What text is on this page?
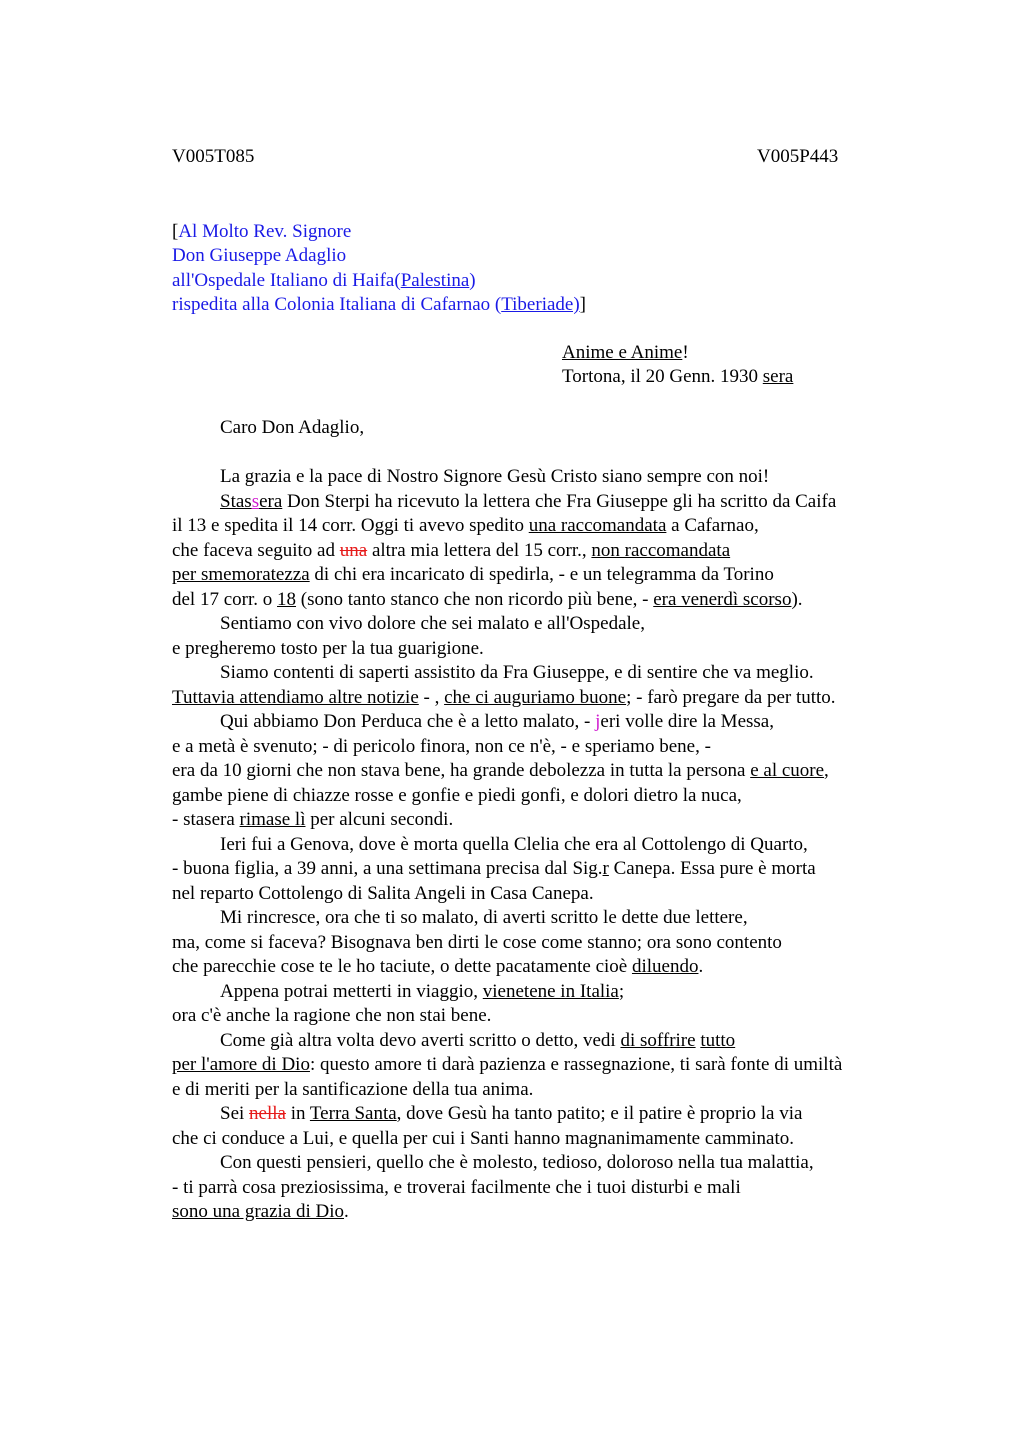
V005T085	V005P443
[Al Molto Rev. Signore
Don Giuseppe Adaglio
all'Ospedale Italiano di Haifa(Palestina)
rispedita alla Colonia Italiana di Cafarnao (Tiberiade)]
Anime e Anime!
Tortona, il 20 Genn. 1930 sera
Caro Don Adaglio,
La grazia e la pace di Nostro Signore Gesù Cristo siano sempre con noi!
Stassera Don Sterpi ha ricevuto la lettera che Fra Giuseppe gli ha scritto da Caifa
il 13 e spedita il 14 corr. Oggi ti avevo spedito una raccomandata a Cafarnao,
che faceva seguito ad una altra mia lettera del 15 corr., non raccomandata
per smemoratezza di chi era incaricato di spedirla, - e un telegramma da Torino
del 17 corr. o 18 (sono tanto stanco che non ricordo più bene, - era venerdì scorso).
Sentiamo con vivo dolore che sei malato e all'Ospedale,
e pregheremo tosto per la tua guarigione.
Siamo contenti di saperti assistito da Fra Giuseppe, e di sentire che va meglio.
Tuttavia attendiamo altre notizie - , che ci auguriamo buone; - farò pregare da per tutto.
Qui abbiamo Don Perduca che è a letto malato, - jeri volle dire la Messa,
e a metà è svenuto; - di pericolo finora, non ce n'è, - e speriamo bene, -
era da 10 giorni che non stava bene, ha grande debolezza in tutta la persona e al cuore,
gambe piene di chiazze rosse e gonfie e piedi gonfi, e dolori dietro la nuca,
- stasera rimase lì per alcuni secondi.
Ieri fui a Genova, dove è morta quella Clelia che era al Cottolengo di Quarto,
- buona figlia, a 39 anni, a una settimana precisa dal Sig.r Canepa. Essa pure è morta
nel reparto Cottolengo di Salita Angeli in Casa Canepa.
Mi rincresce, ora che ti so malato, di averti scritto le dette due lettere,
ma, come si faceva? Bisognava ben dirti le cose come stanno; ora sono contento
che parecchie cose te le ho taciute, o dette pacatamente cioè diluendo.
Appena potrai metterti in viaggio, vienetene in Italia;
ora c'è anche la ragione che non stai bene.
Come già altra volta devo averti scritto o detto, vedi di soffrire tutto
per l'amore di Dio: questo amore ti darà pazienza e rassegnazione, ti sarà fonte di umiltà
e di meriti per la santificazione della tua anima.
Sei nella in Terra Santa, dove Gesù ha tanto patito; e il patire è proprio la via
che ci conduce a Lui, e quella per cui i Santi hanno magnanimamente camminato.
Con questi pensieri, quello che è molesto, tedioso, doloroso nella tua malattia,
- ti parrà cosa preziosissima, e troverai facilmente che i tuoi disturbi e mali
sono una grazia di Dio.
